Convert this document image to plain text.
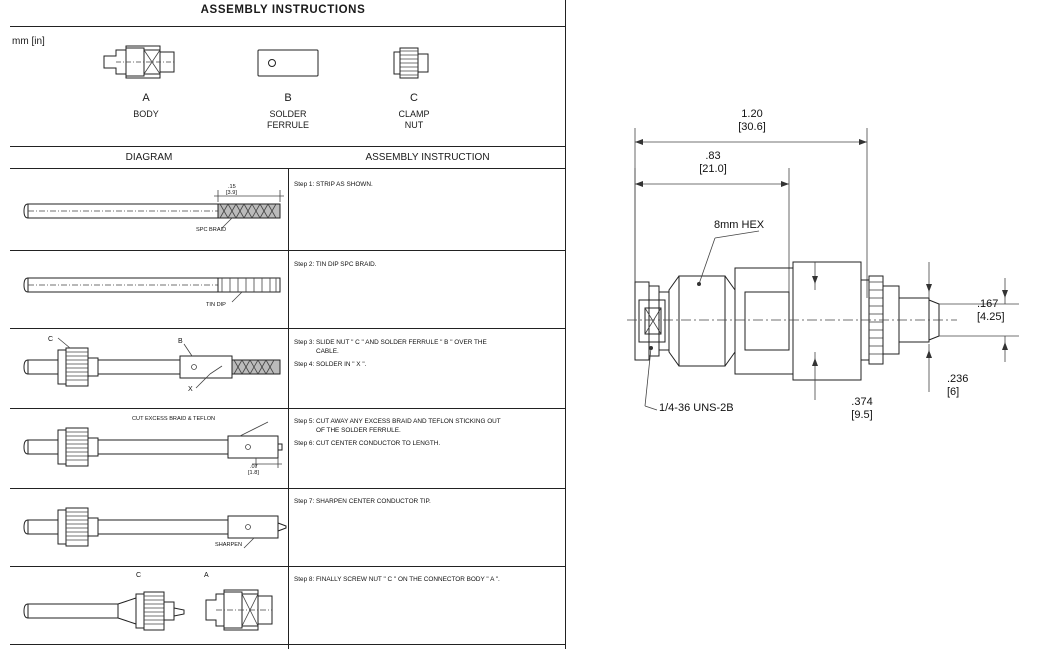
ASSEMBLY INSTRUCTIONS
mm [in]
A
BODY
B
SOLDER
FERRULE
C
CLAMP
NUT
DIAGRAM	ASSEMBLY INSTRUCTION
.15
[3.9]
SPC BRAID
Step 1: STRIP AS SHOWN.
TIN DIP
Step 2: TIN DIP SPC BRAID.
C	B
X
Step 3: SLIDE NUT " C " AND SOLDER FERRULE " B " OVER THE
CABLE.
Step 4: SOLDER IN " X ".
CUT EXCESS BRAID & TEFLON
.07
[1.8]
Step 5: CUT AWAY ANY EXCESS BRAID AND TEFLON STICKING OUT
OF THE SOLDER FERRULE.
Step 6: CUT CENTER CONDUCTOR TO LENGTH.
SHARPEN
Step 7: SHARPEN CENTER CONDUCTOR TIP.
C	A
Step 8: FINALLY SCREW NUT " C " ON THE CONNECTOR BODY " A ".
1.20
[30.6]
.83
[21.0]
.167
[4.25]
.236
[6]
.374
[9.5]
8mm HEX
1/4-36 UNS-2B
